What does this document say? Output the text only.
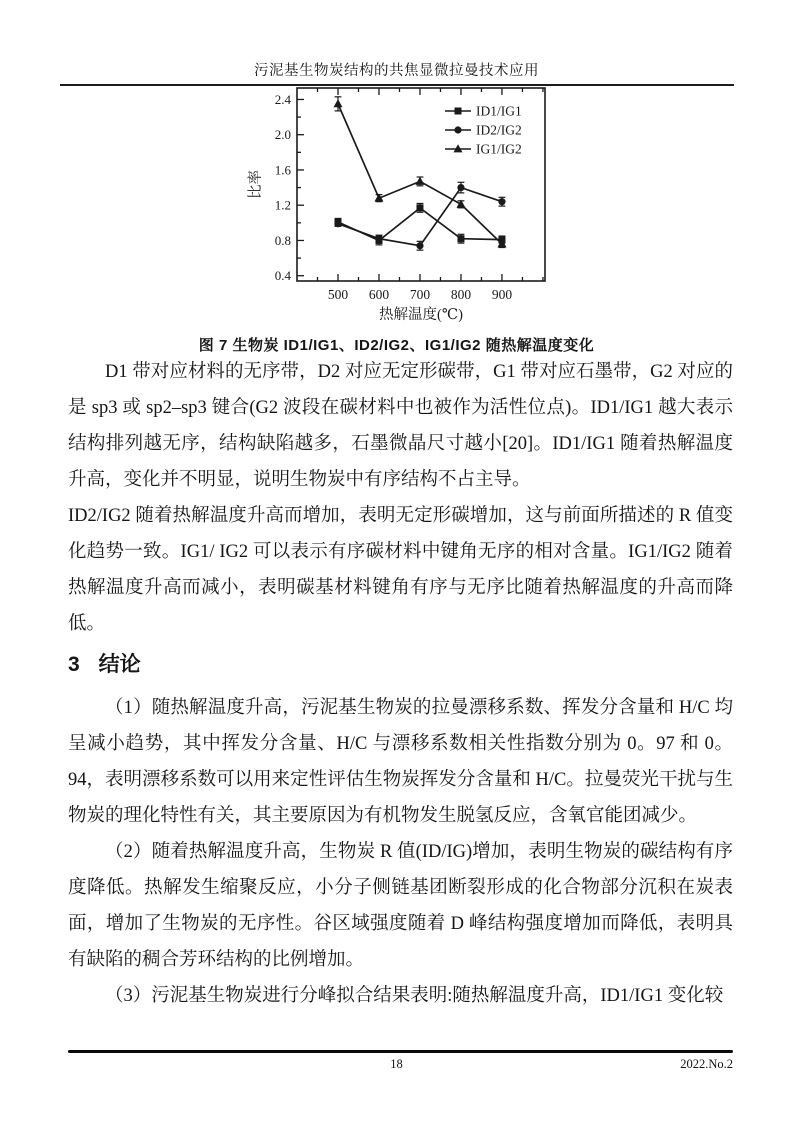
污泥基生物炭结构的共焦显微拉曼技术应用
0.4
0.8
1.2
1.6
2.0
2.4
500 600 700 800 900
ID1/IG1
ID2/IG2
IG1/IG2
热解温度(℃)
比率
图 7 生物炭 ID1/IG1、ID2/IG2、IG1/IG2 随热解温度变化

D1 带对应材料的无序带，D2 对应无定形碳带，G1 带对应石墨带，G2 对应的是 sp3 或 sp2–sp3 键合(G2 波段在碳材料中也被作为活性位点)。ID1/IG1 越大表示结构排列越无序，结构缺陷越多，石墨微晶尺寸越小[20]。ID1/IG1 随着热解温度升高，变化并不明显，说明生物炭中有序结构不占主导。

ID2/IG2 随着热解温度升高而增加，表明无定形碳增加，这与前面所描述的 R 值变化趋势一致。IG1/ IG2 可以表示有序碳材料中键角无序的相对含量。IG1/IG2 随着热解温度升高而减小，表明碳基材料键角有序与无序比随着热解温度的升高而降低。

3 结论

（1）随热解温度升高，污泥基生物炭的拉曼漂移系数、挥发分含量和 H/C 均呈减小趋势，其中挥发分含量、H/C 与漂移系数相关性指数分别为 0。97 和 0。94，表明漂移系数可以用来定性评估生物炭挥发分含量和 H/C。拉曼荧光干扰与生物炭的理化特性有关，其主要原因为有机物发生脱氢反应，含氧官能团减少。

（2）随着热解温度升高，生物炭 R 值(ID/IG)增加，表明生物炭的碳结构有序度降低。热解发生缩聚反应，小分子侧链基团断裂形成的化合物部分沉积在炭表面，增加了生物炭的无序性。谷区域强度随着 D 峰结构强度增加而降低，表明具有缺陷的稠合芳环结构的比例增加。

（3）污泥基生物炭进行分峰拟合结果表明:随热解温度升高，ID1/IG1 变化较

18	2022.No.2
